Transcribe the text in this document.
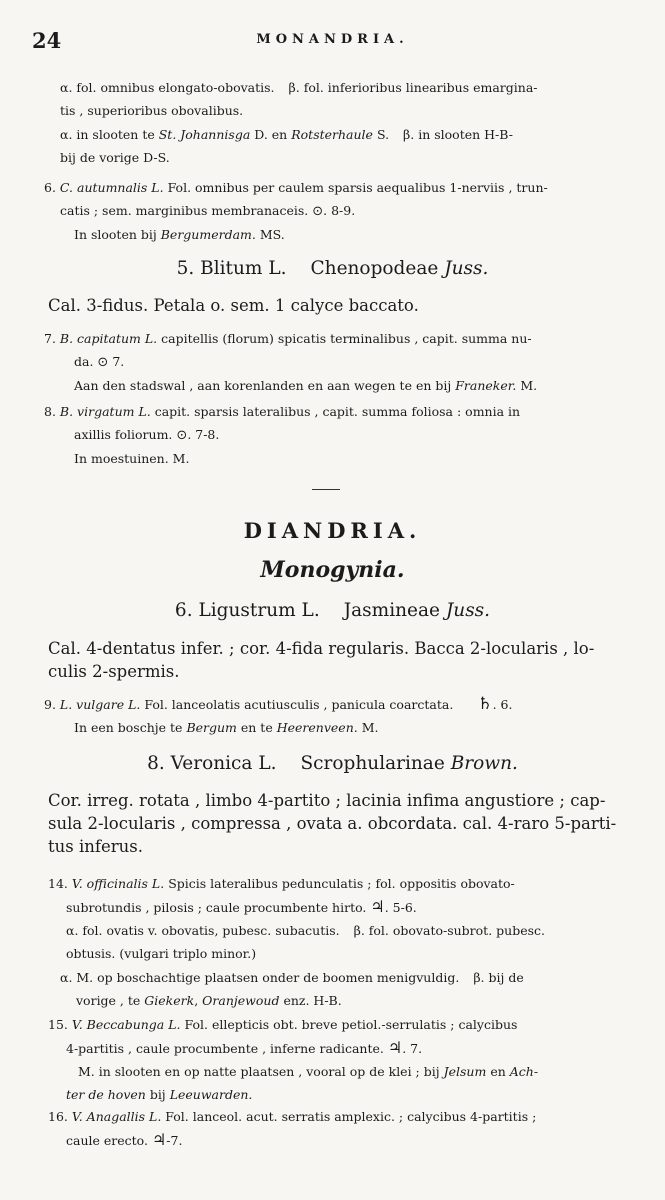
24	MONANDRIA.
α. fol. omnibus elongato-obovatis. β. fol. inferioribus linearibus emargina-
tis , superioribus obovalibus.
α. in slooten te St. Johannisga D. en Rotsterhaule S. β. in slooten H-B-
bij de vorige D-S.
6. C. autumnalis L. Fol. omnibus per caulem sparsis aequalibus 1-nerviis , trun-
catis ; sem. marginibus membranaceis. ⊙. 8-9.
In slooten bij Bergumerdam. MS.
5. Blitum L. Chenopodeae Juss.
Cal. 3-fidus. Petala o. sem. 1 calyce baccato.
7. B. capitatum L. capitellis (florum) spicatis terminalibus , capit. summa nu-
da. ⊙ 7.
Aan den stadswal , aan korenlanden en aan wegen te en bij Franeker. M.
8. B. virgatum L. capit. sparsis lateralibus , capit. summa foliosa : omnia in
axillis foliorum. ⊙. 7-8.
In moestuinen. M.
DIANDRIA.
Monogynia.
6. Ligustrum L. Jasmineae Juss.
Cal. 4-dentatus infer. ; cor. 4-fida regularis. Bacca 2-locularis , lo-
culis 2-spermis.
9. L. vulgare L. Fol. lanceolatis acutiusculis , panicula coarctata. ♄. 6.
In een boschje te Bergum en te Heerenveen. M.
8. Veronica L. Scrophularinae Brown.
Cor. irreg. rotata , limbo 4-partito ; lacinia infima angustiore ; cap-
sula 2-locularis , compressa , ovata a. obcordata. cal. 4-raro 5-parti-
tus inferus.
14. V. officinalis L. Spicis lateralibus pedunculatis ; fol. oppositis obovato-
subrotundis , pilosis ; caule procumbente hirto. ♃. 5-6.
α. fol. ovatis v. obovatis, pubesc. subacutis. β. fol. obovato-subrot. pubesc.
obtusis. (vulgari triplo minor.)
α. M. op boschachtige plaatsen onder de boomen menigvuldig. β. bij de
vorige , te Giekerk, Oranjewoud enz. H-B.
15. V. Beccabunga L. Fol. ellepticis obt. breve petiol.-serrulatis ; calycibus
4-partitis , caule procumbente , inferne radicante. ♃. 7.
M. in slooten en op natte plaatsen , vooral op de klei ; bij Jelsum en Ach-
ter de hoven bij Leeuwarden.
16. V. Anagallis L. Fol. lanceol. acut. serratis amplexic. ; calycibus 4-partitis ;
caule erecto. ♃-7.
